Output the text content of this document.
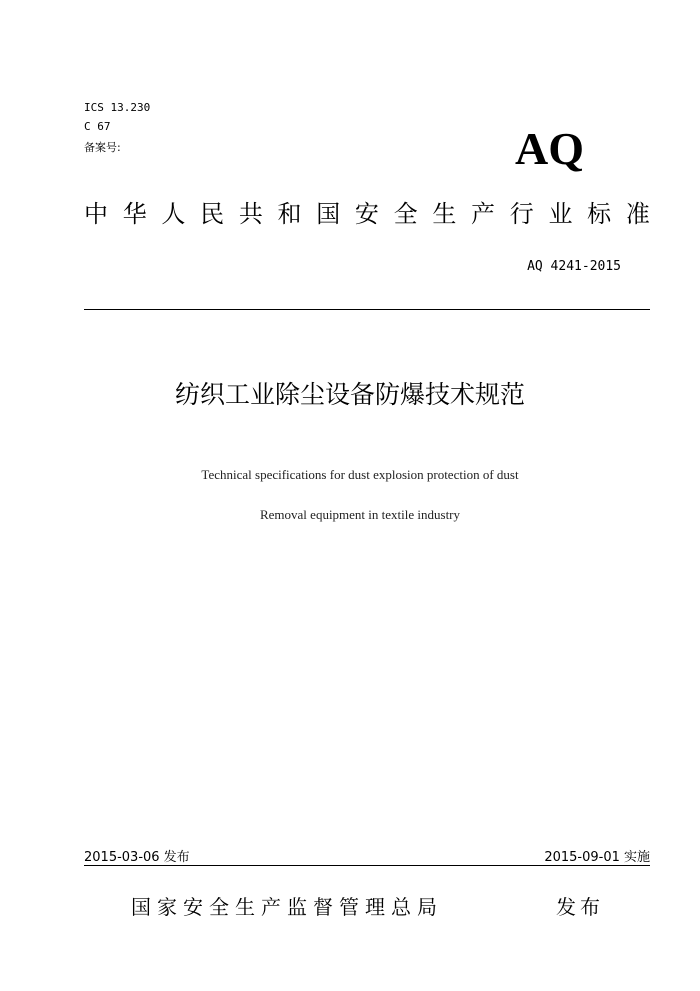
ICS 13.230
C 67
备案号:	AQ
中 华 人 民 共 和 国 安 全 生 产 行 业 标 准
AQ 4241-2015
纺织工业除尘设备防爆技术规范
Technical specifications for dust explosion protection of dust
Removal equipment in textile industry
2015-03-06 发布	2015-09-01 实施
国家安全生产监督管理总局	发布
